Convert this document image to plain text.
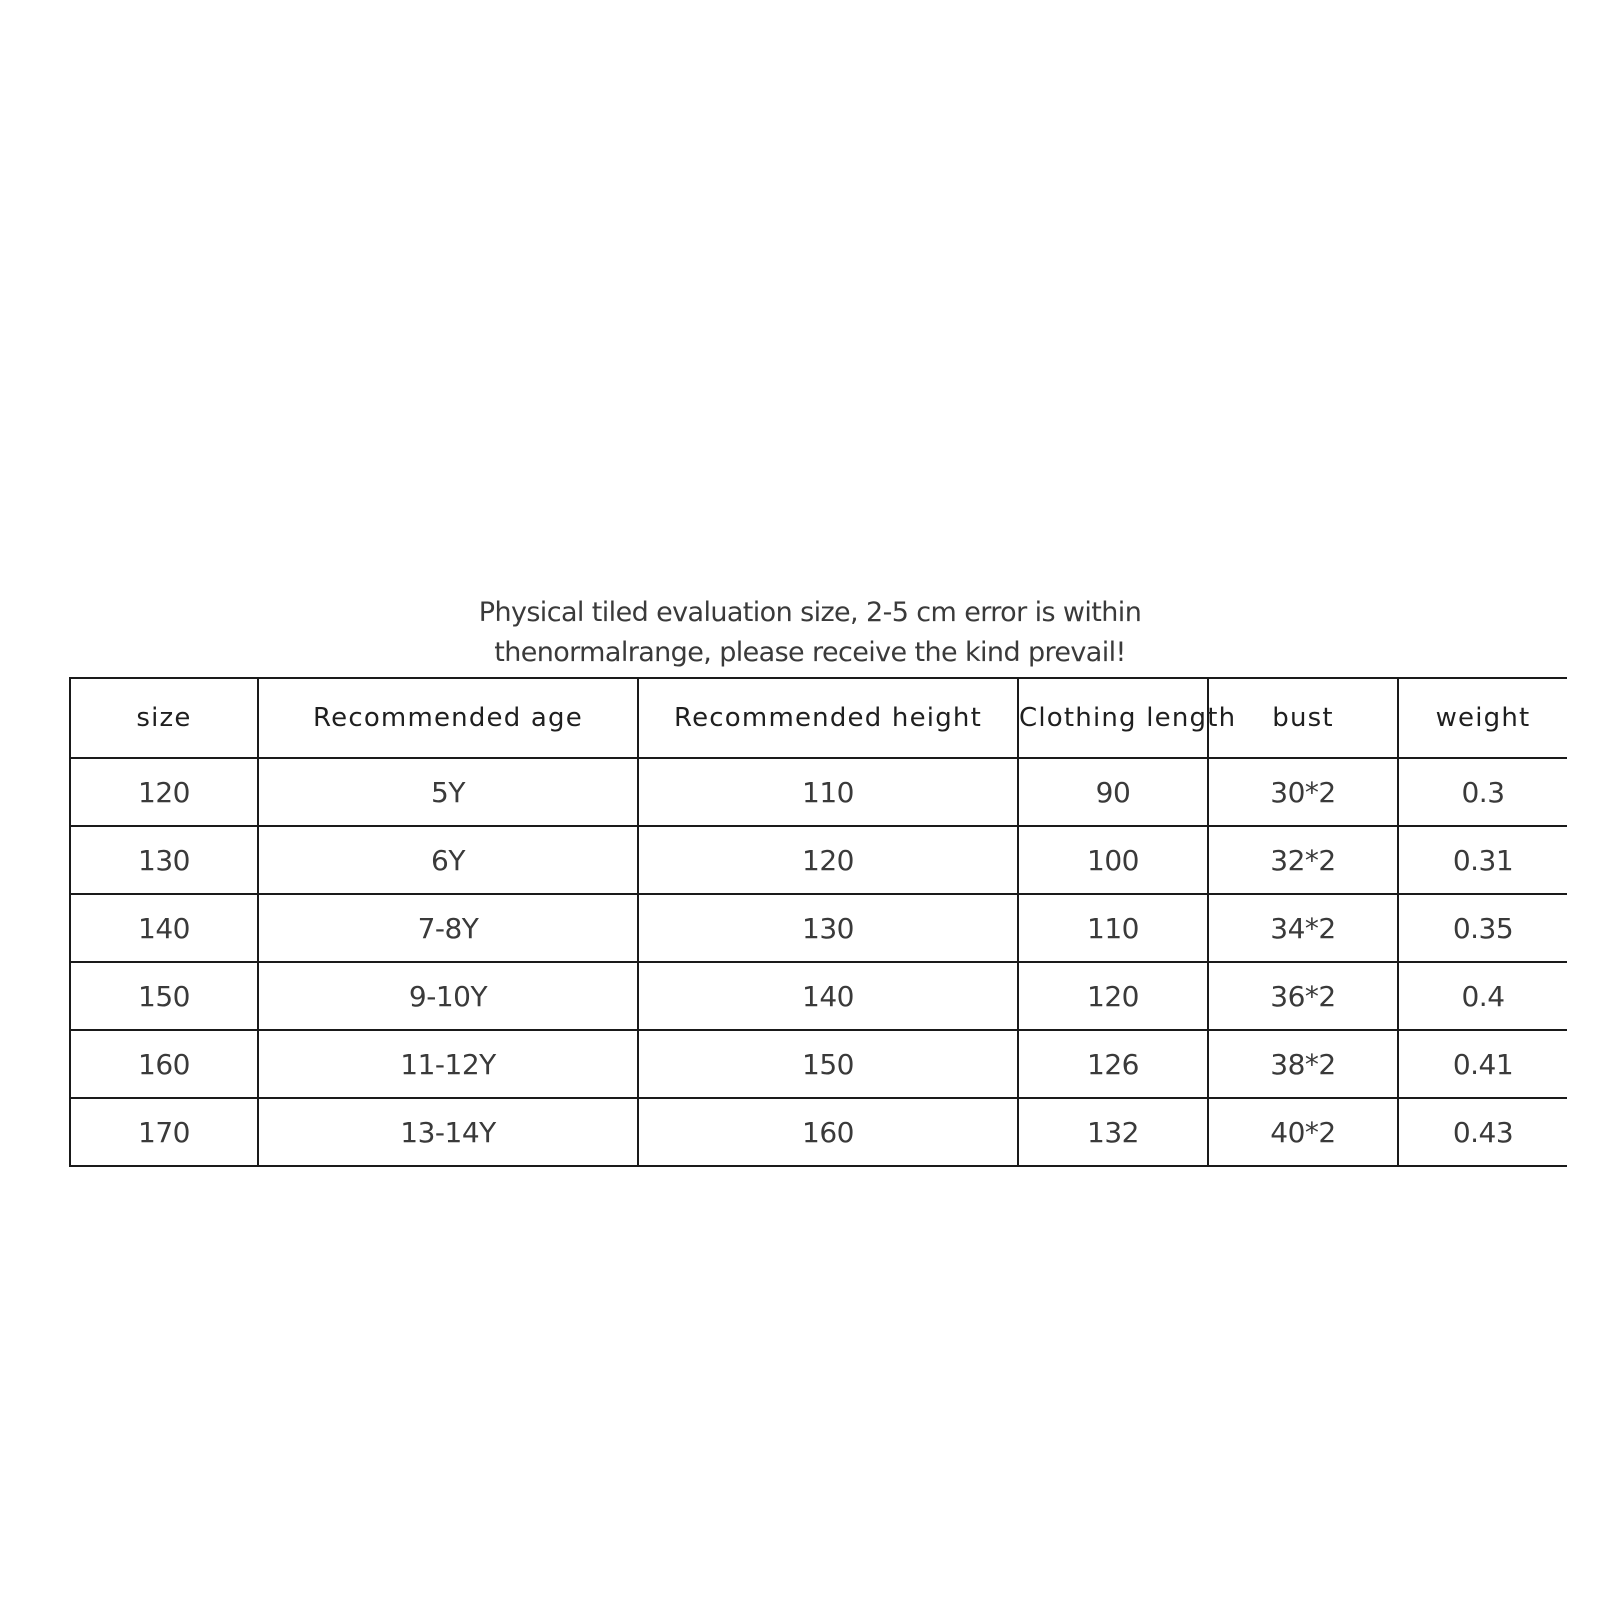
Physical tiled evaluation size, 2-5 cm error is within
thenormalrange, please receive the kind prevail!
size	Recommended age	Recommended height	Clothing length	bust	weight
120	5Y	110	90	30*2	0.3
130	6Y	120	100	32*2	0.31
140	7-8Y	130	110	34*2	0.35
150	9-10Y	140	120	36*2	0.4
160	11-12Y	150	126	38*2	0.41
170	13-14Y	160	132	40*2	0.43
